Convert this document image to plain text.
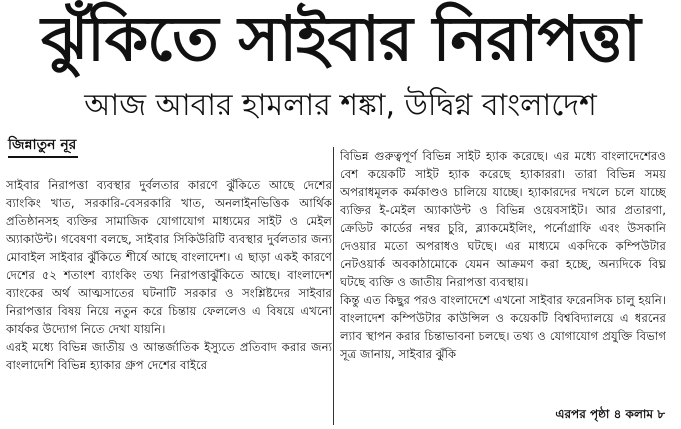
ঝুঁকিতে সাইবার নিরাপত্তা
আজ আবার হামলার শঙ্কা, উদ্বিগ্ন বাংলাদেশ
জিন্নাতুন নূর

সাইবার নিরাপত্তা ব্যবস্থার দুর্বলতার কারণে ঝুঁকিতে আছে দেশের ব্যাংকিং খাত, সরকারি-বেসরকারি খাত, অনলাইনভিত্তিক আর্থিক প্রতিষ্ঠানসহ ব্যক্তির সামাজিক যোগাযোগ মাধ্যমের সাইট ও মেইল অ্যাকাউন্ট। গবেষণা বলছে, সাইবার সিকিউরিটি ব্যবস্থার দুর্বলতার জন্য মোবাইল সাইবার ঝুঁকিতে শীর্ষে আছে বাংলাদেশ। এ ছাড়া একই কারণে দেশের ৫২ শতাংশ ব্যাংকিং তথ্য নিরাপত্তাঝুঁকিতে আছে। বাংলাদেশ ব্যাংকের অর্থ আত্মসাতের ঘটনাটি সরকার ও সংশ্লিষ্টদের সাইবার নিরাপত্তার বিষয় নিয়ে নতুন করে চিন্তায় ফেললেও এ বিষয়ে এখনো কার্যকর উদ্যোগ নিতে দেখা যায়নি।

এরই মধ্যে বিভিন্ন জাতীয় ও আন্তর্জাতিক ইস্যুতে প্রতিবাদ করার জন্য বাংলাদেশি বিভিন্ন হ্যাকার গ্রুপ দেশের বাইরে

বিভিন্ন গুরুত্বপূর্ণ বিভিন্ন সাইট হ্যাক করেছে। এর মধ্যে বাংলাদেশেরও বেশ কয়েকটি সাইট হ্যাক করেছে হ্যাকাররা। তারা বিভিন্ন সময় অপরাধমূলক কর্মকাণ্ডও চালিয়ে যাচ্ছে। হ্যাকারদের দখলে চলে যাচ্ছে ব্যক্তির ই-মেইল অ্যাকাউন্ট ও বিভিন্ন ওয়েবসাইট। আর প্রতারণা, ক্রেডিট কার্ডের নম্বর চুরি, ব্ল্যাকমেইলিং, পর্নোগ্রাফি এবং উসকানি দেওয়ার মতো অপরাধও ঘটছে। এর মাধ্যমে একদিকে কম্পিউটার নেটওয়ার্ক অবকাঠামোকে যেমন আক্রমণ করা হচ্ছে, অন্যদিকে বিঘ্ন ঘটছে ব্যক্তি ও জাতীয় নিরাপত্তা ব্যবস্থায়।

কিন্তু এত কিছুর পরও বাংলাদেশে এখনো সাইবার ফরেনসিক চালু হয়নি। বাংলাদেশ কম্পিউটার কাউন্সিল ও কয়েকটি বিশ্ববিদ্যালয়ে এ ধরনের ল্যাব স্থাপন করার চিন্তাভাবনা চলছে। তথ্য ও যোগাযোগ প্রযুক্তি বিভাগ সূত্র জানায়, সাইবার ঝুঁকি

এরপর পৃষ্ঠা ৪ কলাম ৮
